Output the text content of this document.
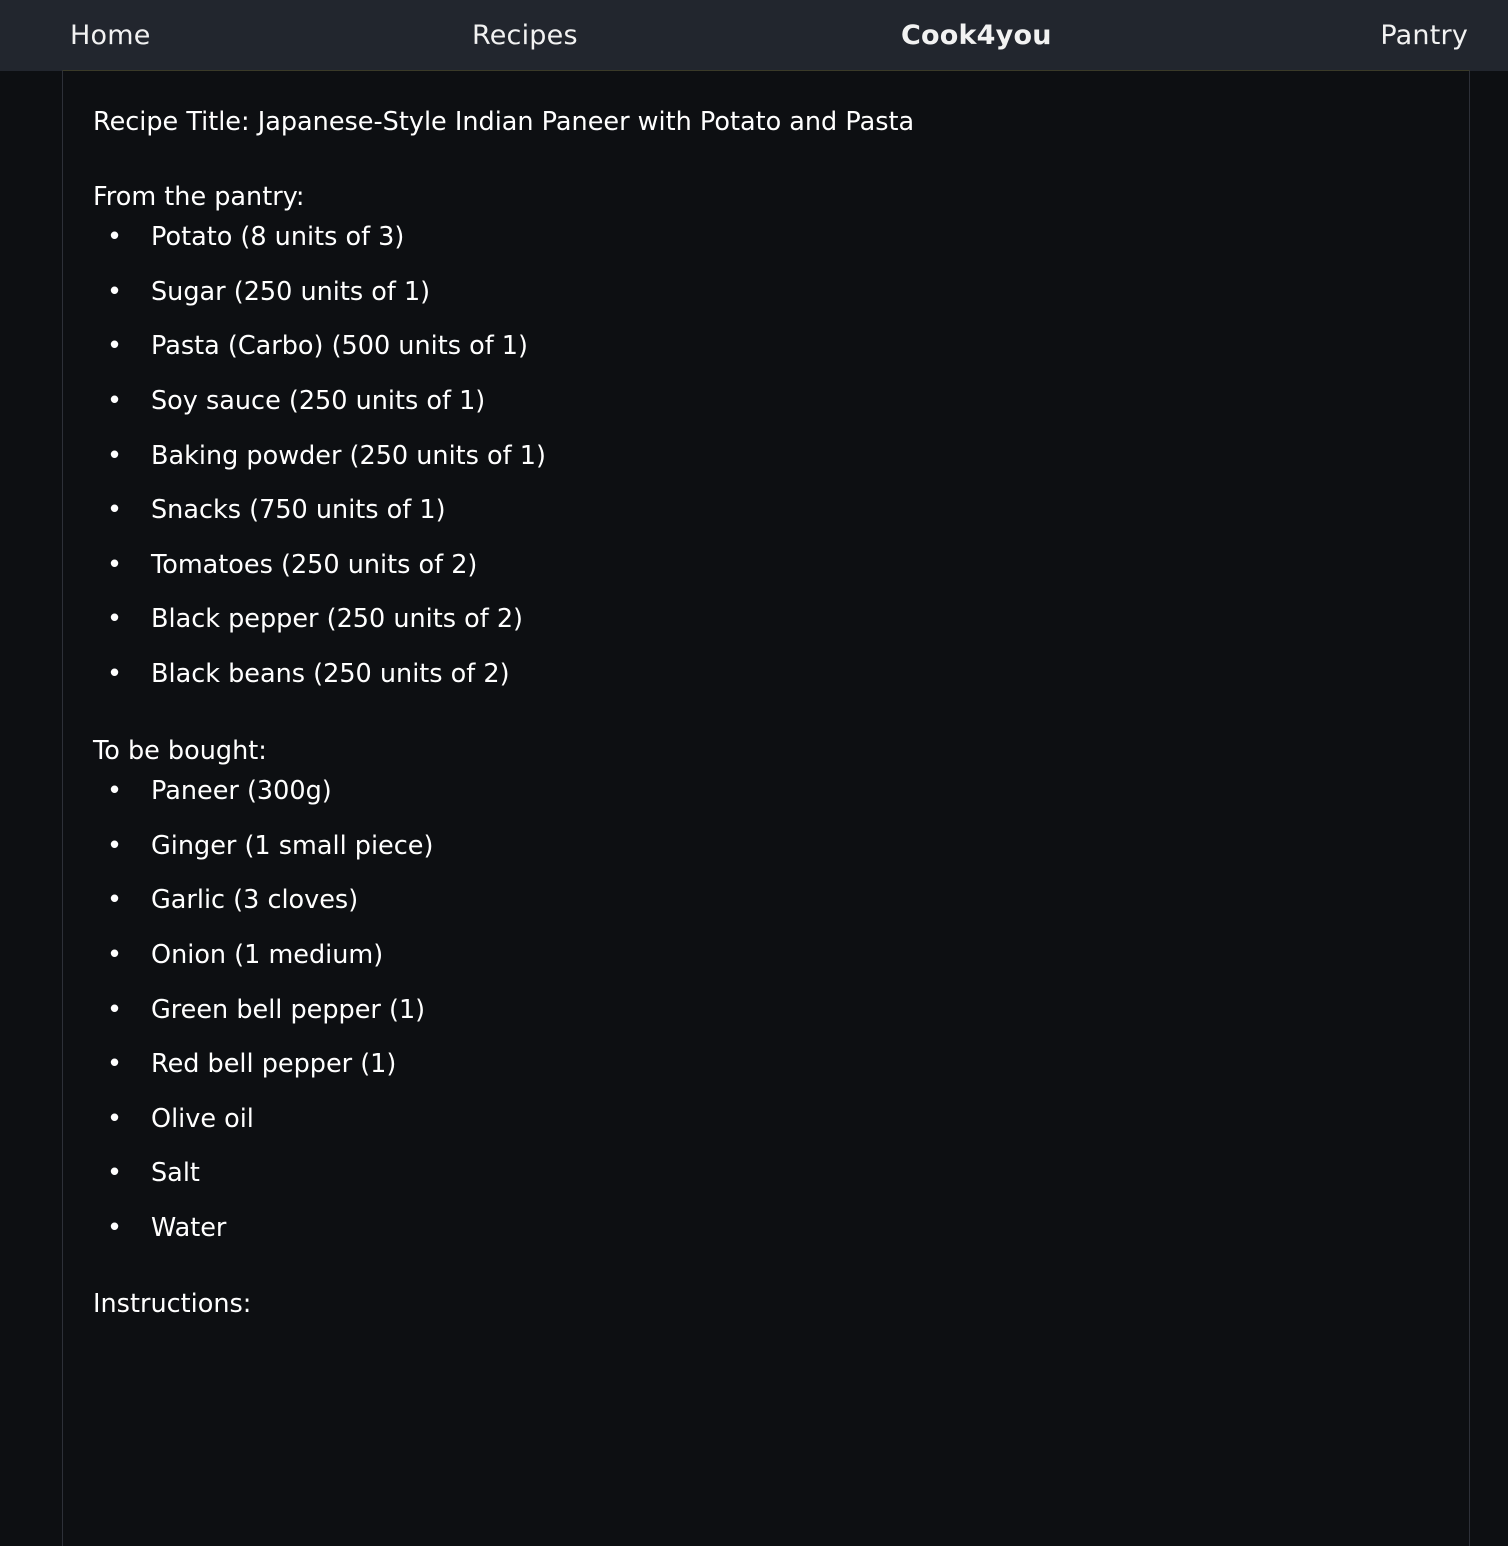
Home	Recipes	Cook4you	Pantry

Recipe Title: Japanese-Style Indian Paneer with Potato and Pasta

From the pantry:

• Potato (8 units of 3)
• Sugar (250 units of 1)
• Pasta (Carbo) (500 units of 1)
• Soy sauce (250 units of 1)
• Baking powder (250 units of 1)
• Snacks (750 units of 1)
• Tomatoes (250 units of 2)
• Black pepper (250 units of 2)
• Black beans (250 units of 2)

To be bought:

• Paneer (300g)
• Ginger (1 small piece)
• Garlic (3 cloves)
• Onion (1 medium)
• Green bell pepper (1)
• Red bell pepper (1)
• Olive oil
• Salt
• Water

Instructions:
